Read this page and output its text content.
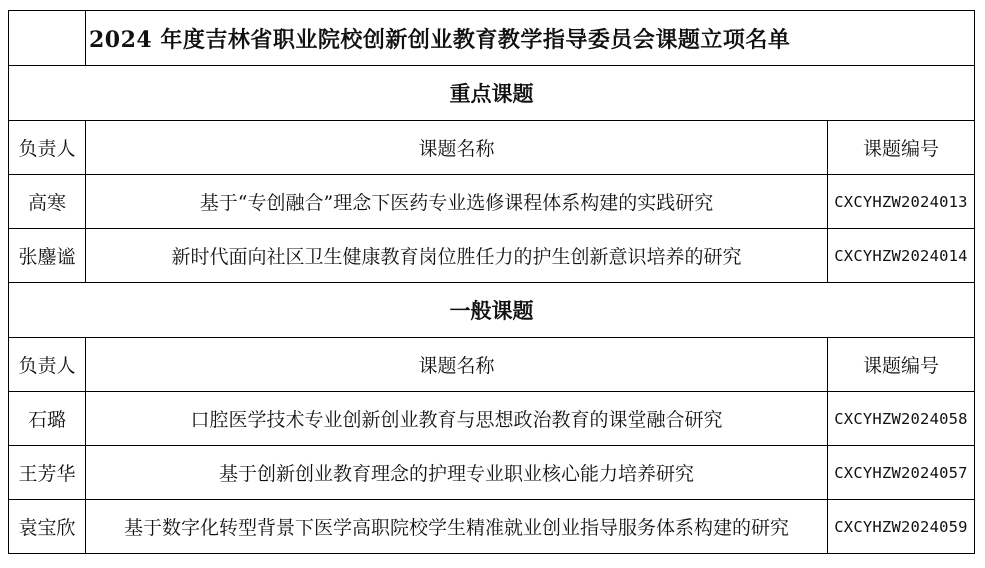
	2024 年度吉林省职业院校创新创业教育教学指导委员会课题立项名单	
重点课题		
负责人	课题名称	课题编号
高寒	基于“专创融合”理念下医药专业选修课程体系构建的实践研究	CXCYHZW2024013
张鏖谧	新时代面向社区卫生健康教育岗位胜任力的护生创新意识培养的研究	CXCYHZW2024014
一般课题		
负责人	课题名称	课题编号
石璐	口腔医学技术专业创新创业教育与思想政治教育的课堂融合研究	CXCYHZW2024058
王芳华	基于创新创业教育理念的护理专业职业核心能力培养研究	CXCYHZW2024057
袁宝欣	基于数字化转型背景下医学高职院校学生精准就业创业指导服务体系构建的研究	CXCYHZW2024059
